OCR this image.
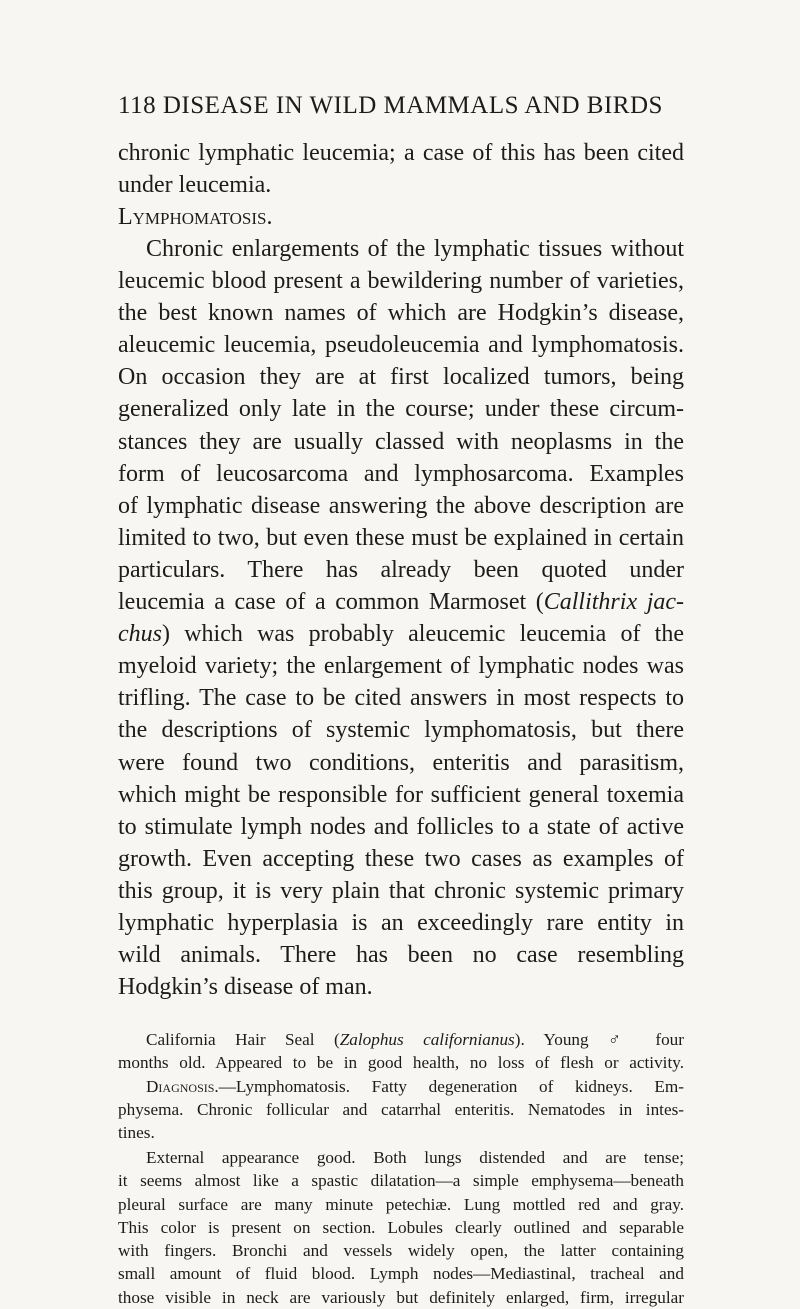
118 DISEASE IN WILD MAMMALS AND BIRDS
chronic lymphatic leucemia; a case of this has been cited
under leucemia.
Lymphomatosis.
Chronic enlargements of the lymphatic tissues without
leucemic blood present a bewildering number of varieties,
the best known names of which are Hodgkin’s disease,
aleucemic leucemia, pseudoleucemia and lymphomatosis.
On occasion they are at first localized tumors, being
generalized only late in the course; under these circum-
stances they are usually classed with neoplasms in the
form of leucosarcoma and lymphosarcoma. Examples
of lymphatic disease answering the above description are
limited to two, but even these must be explained in certain
particulars. There has already been quoted under
leucemia a case of a common Marmoset (Callithrix jac-
chus) which was probably aleucemic leucemia of the
myeloid variety; the enlargement of lymphatic nodes was
trifling. The case to be cited answers in most respects to
the descriptions of systemic lymphomatosis, but there
were found two conditions, enteritis and parasitism,
which might be responsible for sufficient general toxemia
to stimulate lymph nodes and follicles to a state of active
growth. Even accepting these two cases as examples of
this group, it is very plain that chronic systemic primary
lymphatic hyperplasia is an exceedingly rare entity in
wild animals. There has been no case resembling
Hodgkin’s disease of man.
California Hair Seal (Zalophus californianus). Young ♂ four
months old. Appeared to be in good health, no loss of flesh or activity.
Diagnosis.—Lymphomatosis. Fatty degeneration of kidneys. Em-
physema. Chronic follicular and catarrhal enteritis. Nematodes in intes-
tines.
External appearance good. Both lungs distended and are tense;
it seems almost like a spastic dilatation—a simple emphysema—beneath
pleural surface are many minute petechiæ. Lung mottled red and gray.
This color is present on section. Lobules clearly outlined and separable
with fingers. Bronchi and vessels widely open, the latter containing
small amount of fluid blood. Lymph nodes—Mediastinal, tracheal and
those visible in neck are variously but definitely enlarged, firm, irregular
